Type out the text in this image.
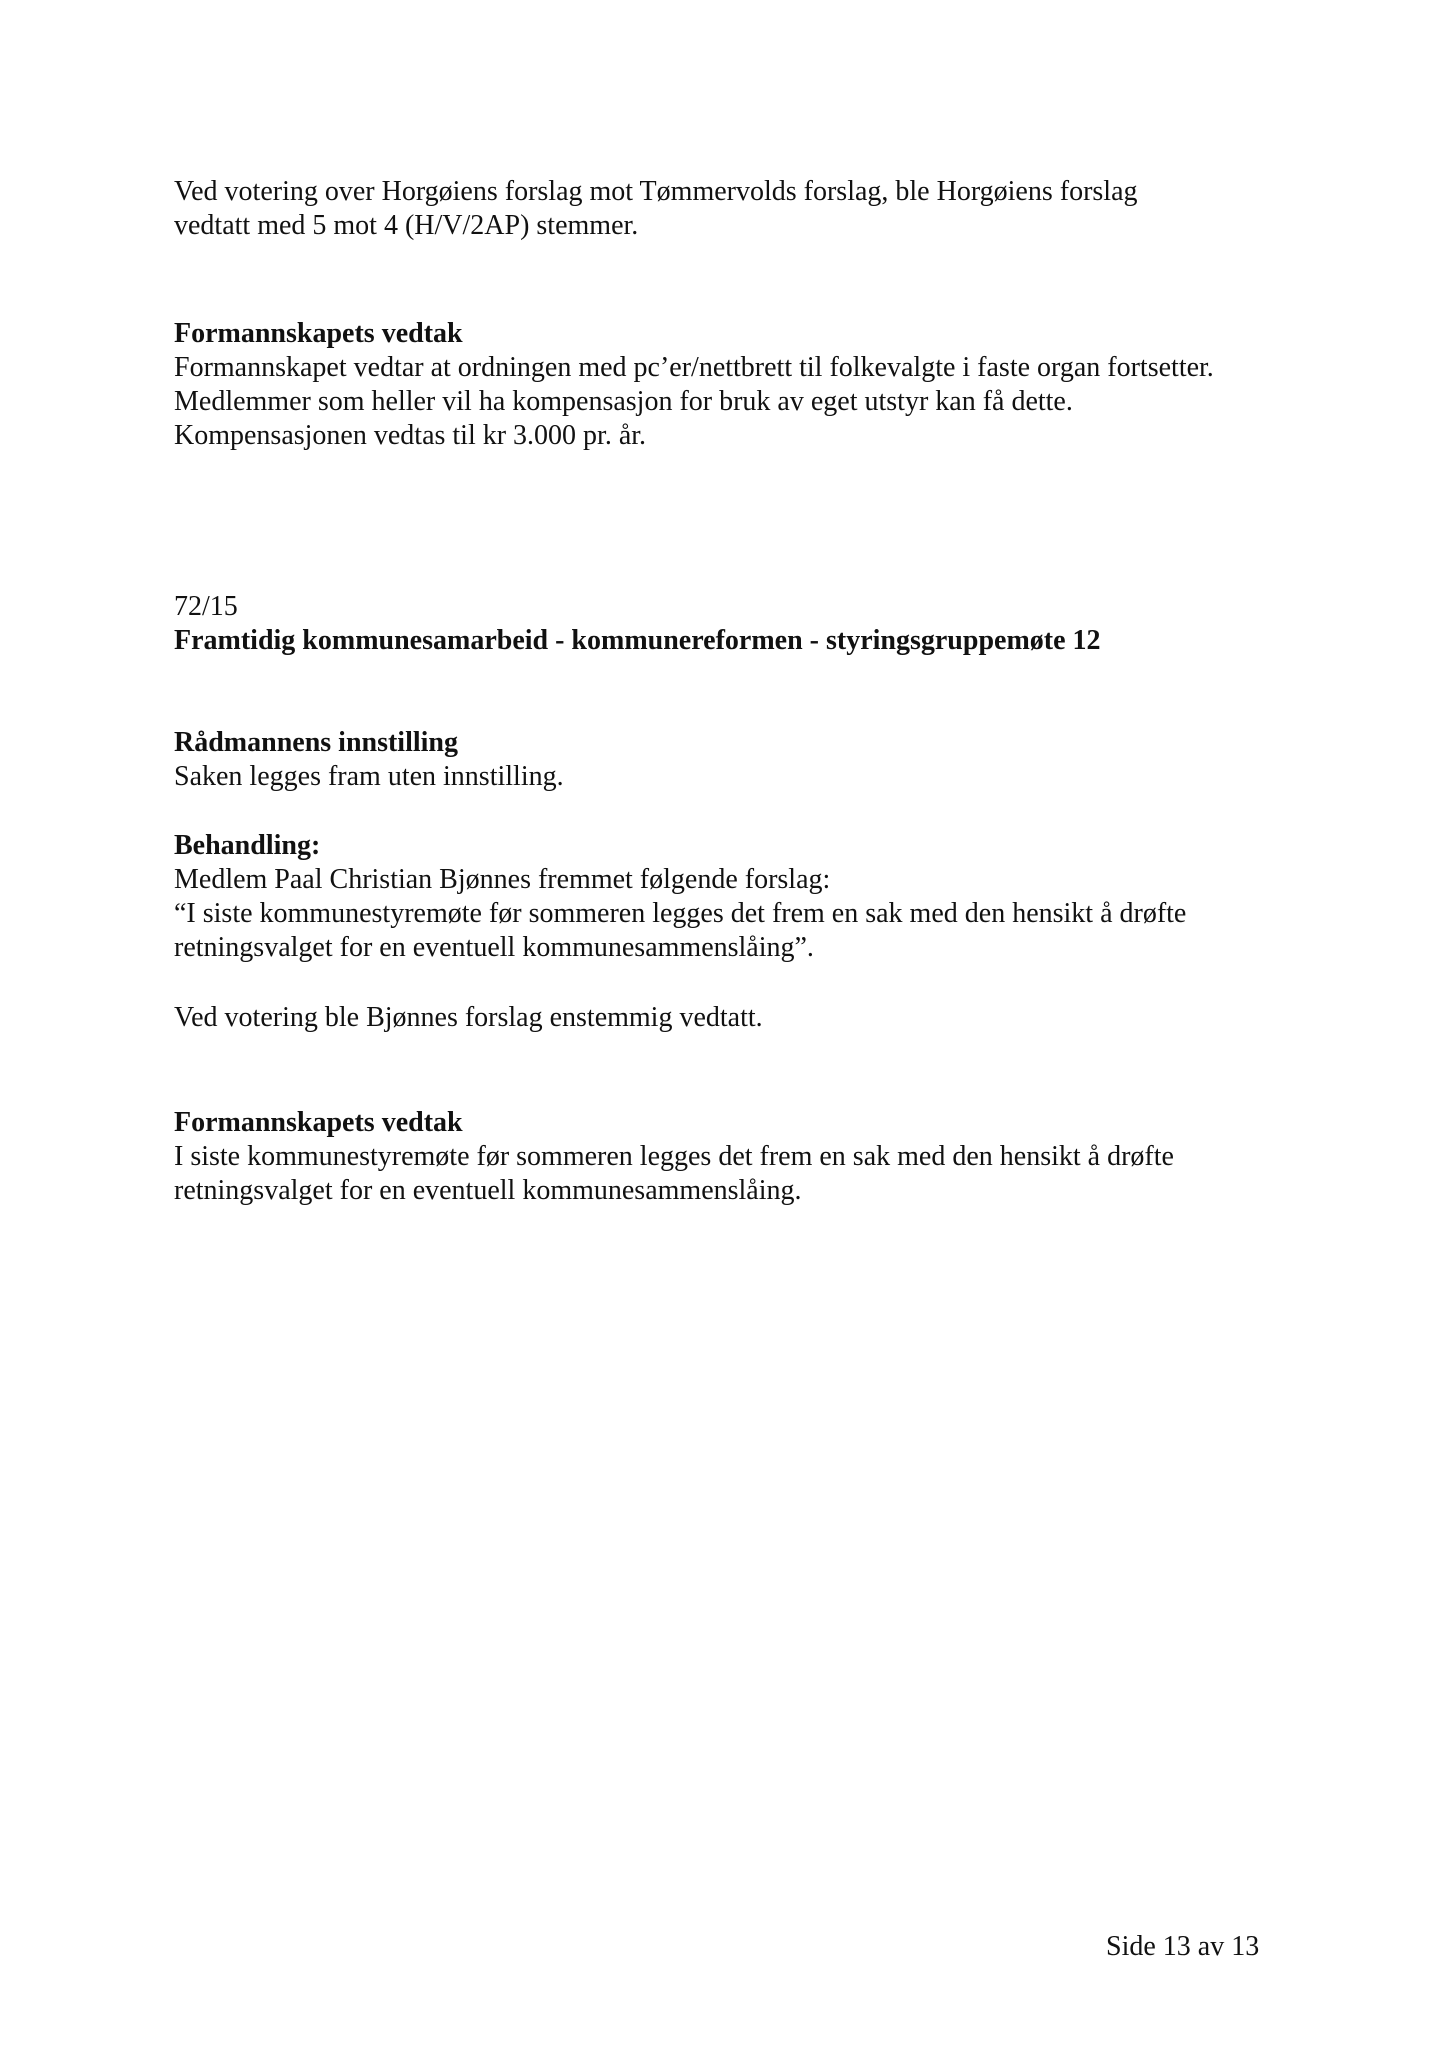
Ved votering over Horgøiens forslag mot Tømmervolds forslag, ble Horgøiens forslag
vedtatt med 5 mot 4 (H/V/2AP) stemmer.
Formannskapets vedtak
Formannskapet vedtar at ordningen med pc’er/nettbrett til folkevalgte i faste organ fortsetter.
Medlemmer som heller vil ha kompensasjon for bruk av eget utstyr kan få dette.
Kompensasjonen vedtas til kr 3.000 pr. år.
72/15
Framtidig kommunesamarbeid - kommunereformen - styringsgruppemøte 12
Rådmannens innstilling
Saken legges fram uten innstilling.
Behandling:
Medlem Paal Christian Bjønnes fremmet følgende forslag:
“I siste kommunestyremøte før sommeren legges det frem en sak med den hensikt å drøfte
retningsvalget for en eventuell kommunesammenslåing”.
Ved votering ble Bjønnes forslag enstemmig vedtatt.
Formannskapets vedtak
I siste kommunestyremøte før sommeren legges det frem en sak med den hensikt å drøfte
retningsvalget for en eventuell kommunesammenslåing.
Side 13 av 13
